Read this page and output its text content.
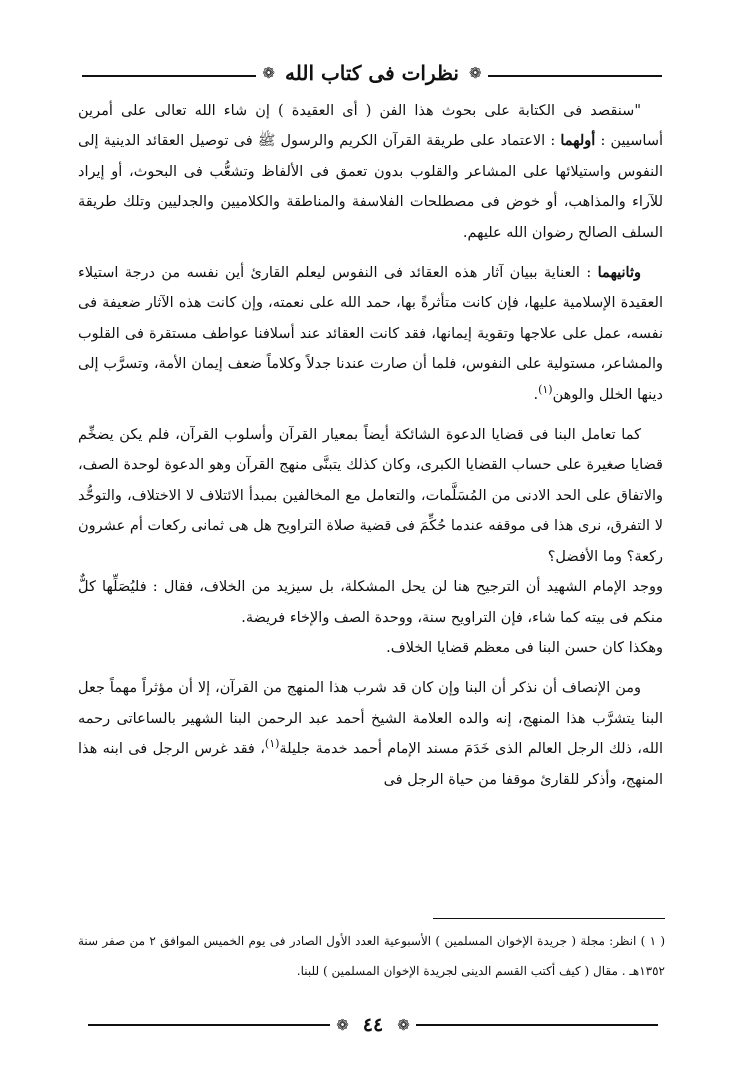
❁
نظرات فى كتاب الله
❁

"سنقصد فى الكتابة على بحوث هذا الفن ( أى العقيدة ) إن شاء الله تعالى على أمرين أساسيين : أولهما : الاعتماد على طريقة القرآن الكريم والرسول ﷺ فى توصيل العقائد الدينية إلى النفوس واستيلائها على المشاعر والقلوب بدون تعمق فى الألفاظ وتشعُّب فى البحوث، أو إيراد للآراء والمذاهب، أو خوض فى مصطلحات الفلاسفة والمناطقة والكلاميين والجدليين وتلك طريقة السلف الصالح رضوان الله عليهم.

وثانيهما : العناية ببيان آثار هذه العقائد فى النفوس ليعلم القارئ أين نفسه من درجة استيلاء العقيدة الإسلامية عليها، فإن كانت متأثرةً بها، حمد الله على نعمته، وإن كانت هذه الآثار ضعيفة فى نفسه، عمل على علاجها وتقوية إيمانها، فقد كانت العقائد عند أسلافنا عواطف مستقرة فى القلوب والمشاعر، مستولية على النفوس، فلما أن صارت عندنا جدلاً وكلاماً ضعف إيمان الأمة، وتسرَّب إلى دينها الخلل والوهن$^{(١)}$.

كما تعامل البنا فى قضايا الدعوة الشائكة أيضاً بمعيار القرآن وأسلوب القرآن، فلم يكن يضخِّم قضايا صغيرة على حساب القضايا الكبرى، وكان كذلك يتبنَّى منهج القرآن وهو الدعوة لوحدة الصف، والاتفاق على الحد الادنى من المُسَلَّمات، والتعامل مع المخالفين بمبدأ الائتلاف لا الاختلاف، والتوحُّد لا التفرق، نرى هذا فى موقفه عندما حُكِّمَ فى قضية صلاة التراويح هل هى ثمانى ركعات أم عشرون ركعة؟ وما الأفضل؟

ووجد الإمام الشهيد أن الترجيح هنا لن يحل المشكلة، بل سيزيد من الخلاف، فقال : فليُصَلِّها كلٌّ منكم فى بيته كما شاء، فإن التراويح سنة، ووحدة الصف والإخاء فريضة.

وهكذا كان حسن البنا فى معظم قضايا الخلاف.

ومن الإنصاف أن نذكر أن البنا وإن كان قد شرب هذا المنهج من القرآن، إلا أن مؤثراً مهماً جعل البنا يتشرَّب هذا المنهج، إنه والده العلامة الشيخ أحمد عبد الرحمن البنا الشهير بالساعاتى رحمه الله، ذلك الرجل العالم الذى خَدَمَ مسند الإمام أحمد خدمة جليلة$^{(١)}$، فقد غرس الرجل فى ابنه هذا المنهج، وأذكر للقارئ موقفا من حياة الرجل فى

( ١ ) انظر: مجلة ( جريدة الإخوان المسلمين ) الأسبوعية العدد الأول الصادر فى يوم الخميس الموافق ٢ من صفر سنة ١٣٥٢هـ . مقال ( كيف أكتب القسم الدينى لجريدة الإخوان المسلمين ) للبنا.
❁
٤٤
❁
